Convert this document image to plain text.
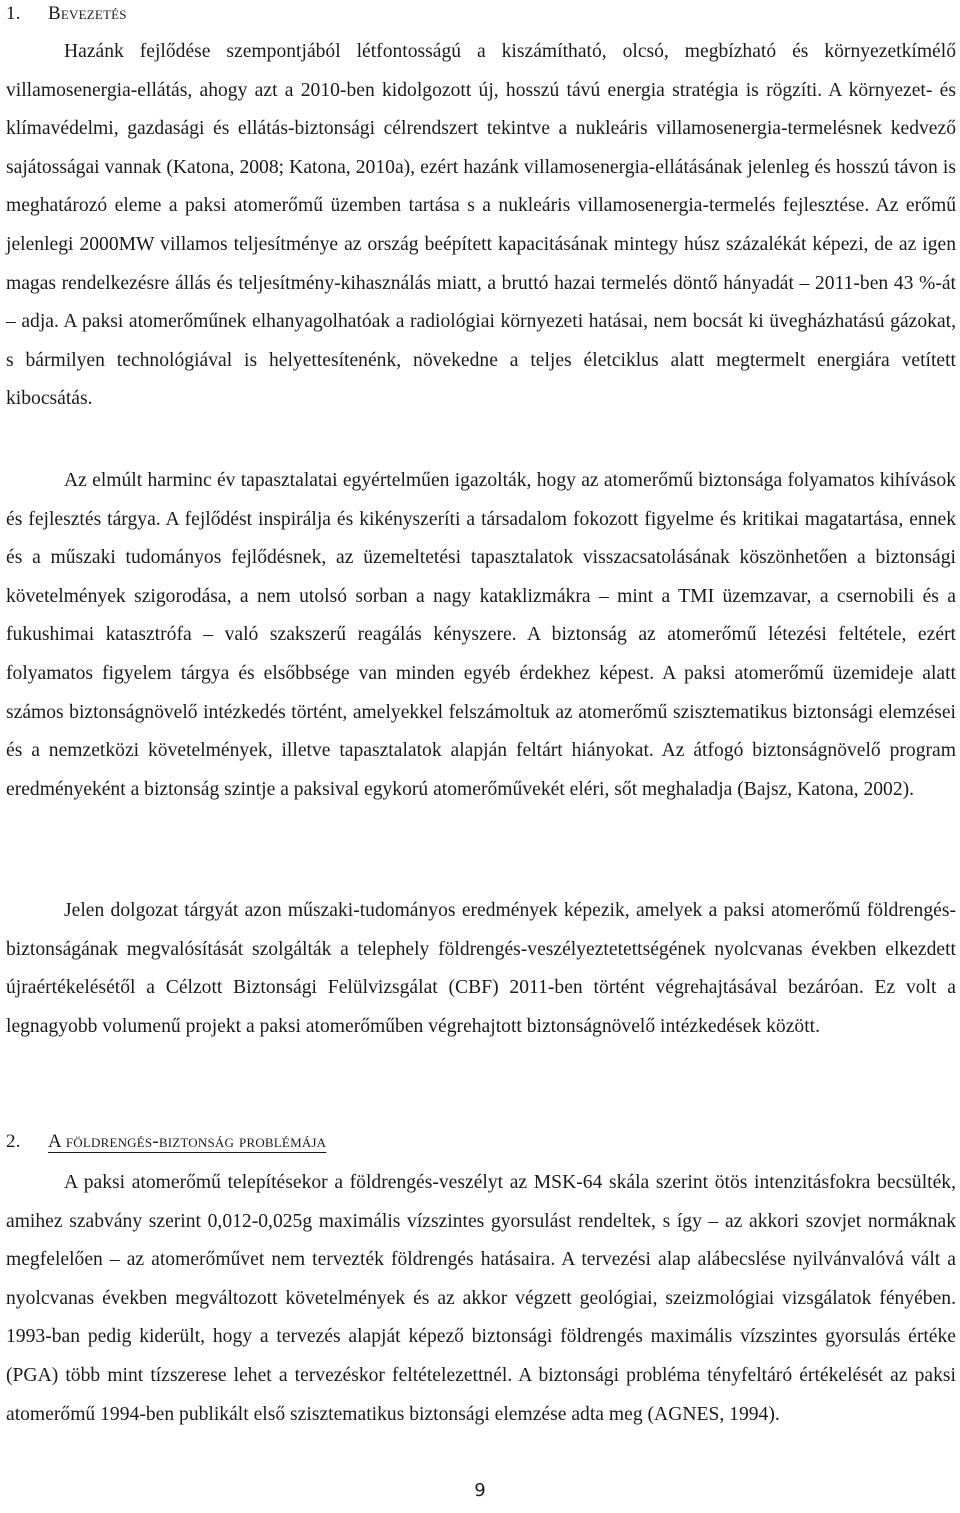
1. Bevezetés

Hazánk fejlődése szempontjából létfontosságú a kiszámítható, olcsó, megbízható és környezetkímélő villamosenergia-ellátás, ahogy azt a 2010-ben kidolgozott új, hosszú távú energia stratégia is rögzíti. A környezet- és klímavédelmi, gazdasági és ellátás-biztonsági célrendszert tekintve a nukleáris villamosenergia-termelésnek kedvező sajátosságai vannak (Katona, 2008; Katona, 2010a), ezért hazánk villamosenergia-ellátásának jelenleg és hosszú távon is meghatározó eleme a paksi atomerőmű üzemben tartása s a nukleáris villamosenergia-termelés fejlesztése. Az erőmű jelenlegi 2000MW villamos teljesítménye az ország beépített kapacitásának mintegy húsz százalékát képezi, de az igen magas rendelkezésre állás és teljesítmény-kihasználás miatt, a bruttó hazai termelés döntő hányadát – 2011-ben 43 %-át – adja. A paksi atomerőműnek elhanyagolhatóak a radiológiai környezeti hatásai, nem bocsát ki üvegházhatású gázokat, s bármilyen technológiával is helyettesítenénk, növekedne a teljes életciklus alatt megtermelt energiára vetített kibocsátás.

Az elmúlt harminc év tapasztalatai egyértelműen igazolták, hogy az atomerőmű biztonsága folyamatos kihívások és fejlesztés tárgya. A fejlődést inspirálja és kikényszeríti a társadalom fokozott figyelme és kritikai magatartása, ennek és a műszaki tudományos fejlődésnek, az üzemeltetési tapasztalatok visszacsatolásának köszönhetően a biztonsági követelmények szigorodása, a nem utolsó sorban a nagy kataklizmákra – mint a TMI üzemzavar, a csernobili és a fukushimai katasztrófa – való szakszerű reagálás kényszere. A biztonság az atomerőmű létezési feltétele, ezért folyamatos figyelem tárgya és elsőbbsége van minden egyéb érdekhez képest. A paksi atomerőmű üzemideje alatt számos biztonságnövelő intézkedés történt, amelyekkel felszámoltuk az atomerőmű szisztematikus biztonsági elemzései és a nemzetközi követelmények, illetve tapasztalatok alapján feltárt hiányokat. Az átfogó biztonságnövelő program eredményeként a biztonság szintje a paksival egykorú atomerőművekét eléri, sőt meghaladja (Bajsz, Katona, 2002).

Jelen dolgozat tárgyát azon műszaki-tudományos eredmények képezik, amelyek a paksi atomerőmű földrengés-biztonságának megvalósítását szolgálták a telephely földrengés-veszélyeztetettségének nyolcvanas években elkezdett újraértékelésétől a Célzott Biztonsági Felülvizsgálat (CBF) 2011-ben történt végrehajtásával bezáróan. Ez volt a legnagyobb volumenű projekt a paksi atomerőműben végrehajtott biztonságnövelő intézkedések között.

2. A földrengés-biztonság problémája

A paksi atomerőmű telepítésekor a földrengés-veszélyt az MSK-64 skála szerint ötös intenzitásfokra becsülték, amihez szabvány szerint 0,012-0,025g maximális vízszintes gyorsulást rendeltek, s így – az akkori szovjet normáknak megfelelően – az atomerőművet nem tervezték földrengés hatásaira. A tervezési alap alábecslése nyilvánvalóvá vált a nyolcvanas években megváltozott követelmények és az akkor végzett geológiai, szeizmológiai vizsgálatok fényében. 1993-ban pedig kiderült, hogy a tervezés alapját képező biztonsági földrengés maximális vízszintes gyorsulás értéke (PGA) több mint tízszerese lehet a tervezéskor feltételezettnél. A biztonsági probléma tényfeltáró értékelését az paksi atomerőmű 1994-ben publikált első szisztematikus biztonsági elemzése adta meg (AGNES, 1994).

9
